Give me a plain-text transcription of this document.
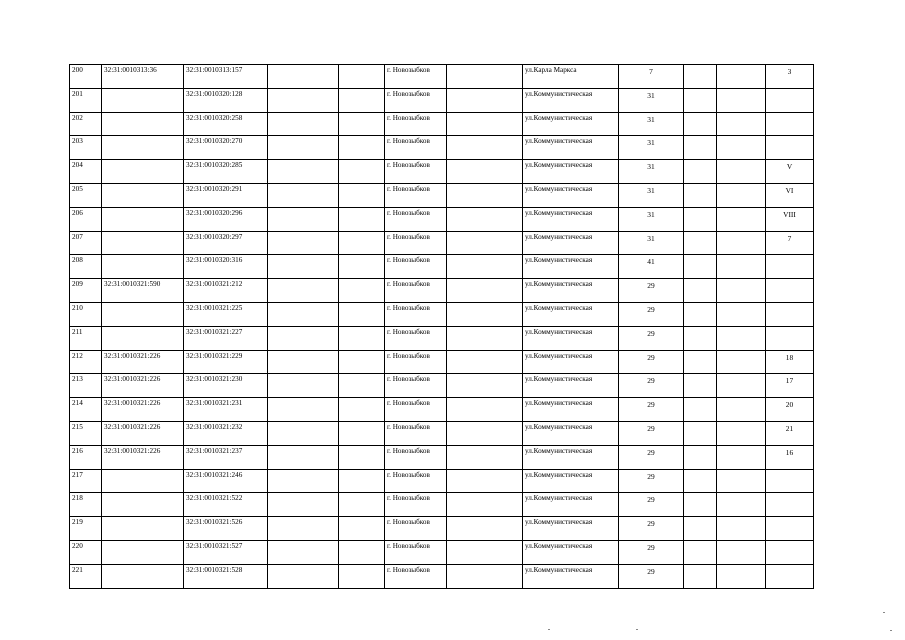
200	32:31:0010313:36	32:31:0010313:157			г. Новозыбков		ул.Карла Маркса	7			3
201		32:31:0010320:128			г. Новозыбков		ул.Коммунистическая	31			
202		32:31:0010320:258			г. Новозыбков		ул.Коммунистическая	31			
203		32:31:0010320:270			г. Новозыбков		ул.Коммунистическая	31			
204		32:31:0010320:285			г. Новозыбков		ул.Коммунистическая	31			V
205		32:31:0010320:291			г. Новозыбков		ул.Коммунистическая	31			VI
206		32:31:0010320:296			г. Новозыбков		ул.Коммунистическая	31			VIII
207		32:31:0010320:297			г. Новозыбков		ул.Коммунистическая	31			7
208		32:31:0010320:316			г. Новозыбков		ул.Коммунистическая	41			
209	32:31:0010321:590	32:31:0010321:212			г. Новозыбков		ул.Коммунистическая	29			
210		32:31:0010321:225			г. Новозыбков		ул.Коммунистическая	29			
211		32:31:0010321:227			г. Новозыбков		ул.Коммунистическая	29			
212	32:31:0010321:226	32:31:0010321:229			г. Новозыбков		ул.Коммунистическая	29			18
213	32:31:0010321:226	32:31:0010321:230			г. Новозыбков		ул.Коммунистическая	29			17
214	32:31:0010321:226	32:31:0010321:231			г. Новозыбков		ул.Коммунистическая	29			20
215	32:31:0010321:226	32:31:0010321:232			г. Новозыбков		ул.Коммунистическая	29			21
216	32:31:0010321:226	32:31:0010321:237			г. Новозыбков		ул.Коммунистическая	29			16
217		32:31:0010321:246			г. Новозыбков		ул.Коммунистическая	29			
218		32:31:0010321:522			г. Новозыбков		ул.Коммунистическая	29			
219		32:31:0010321:526			г. Новозыбков		ул.Коммунистическая	29			
220		32:31:0010321:527			г. Новозыбков		ул.Коммунистическая	29			
221		32:31:0010321:528			г. Новозыбков		ул.Коммунистическая	29			
